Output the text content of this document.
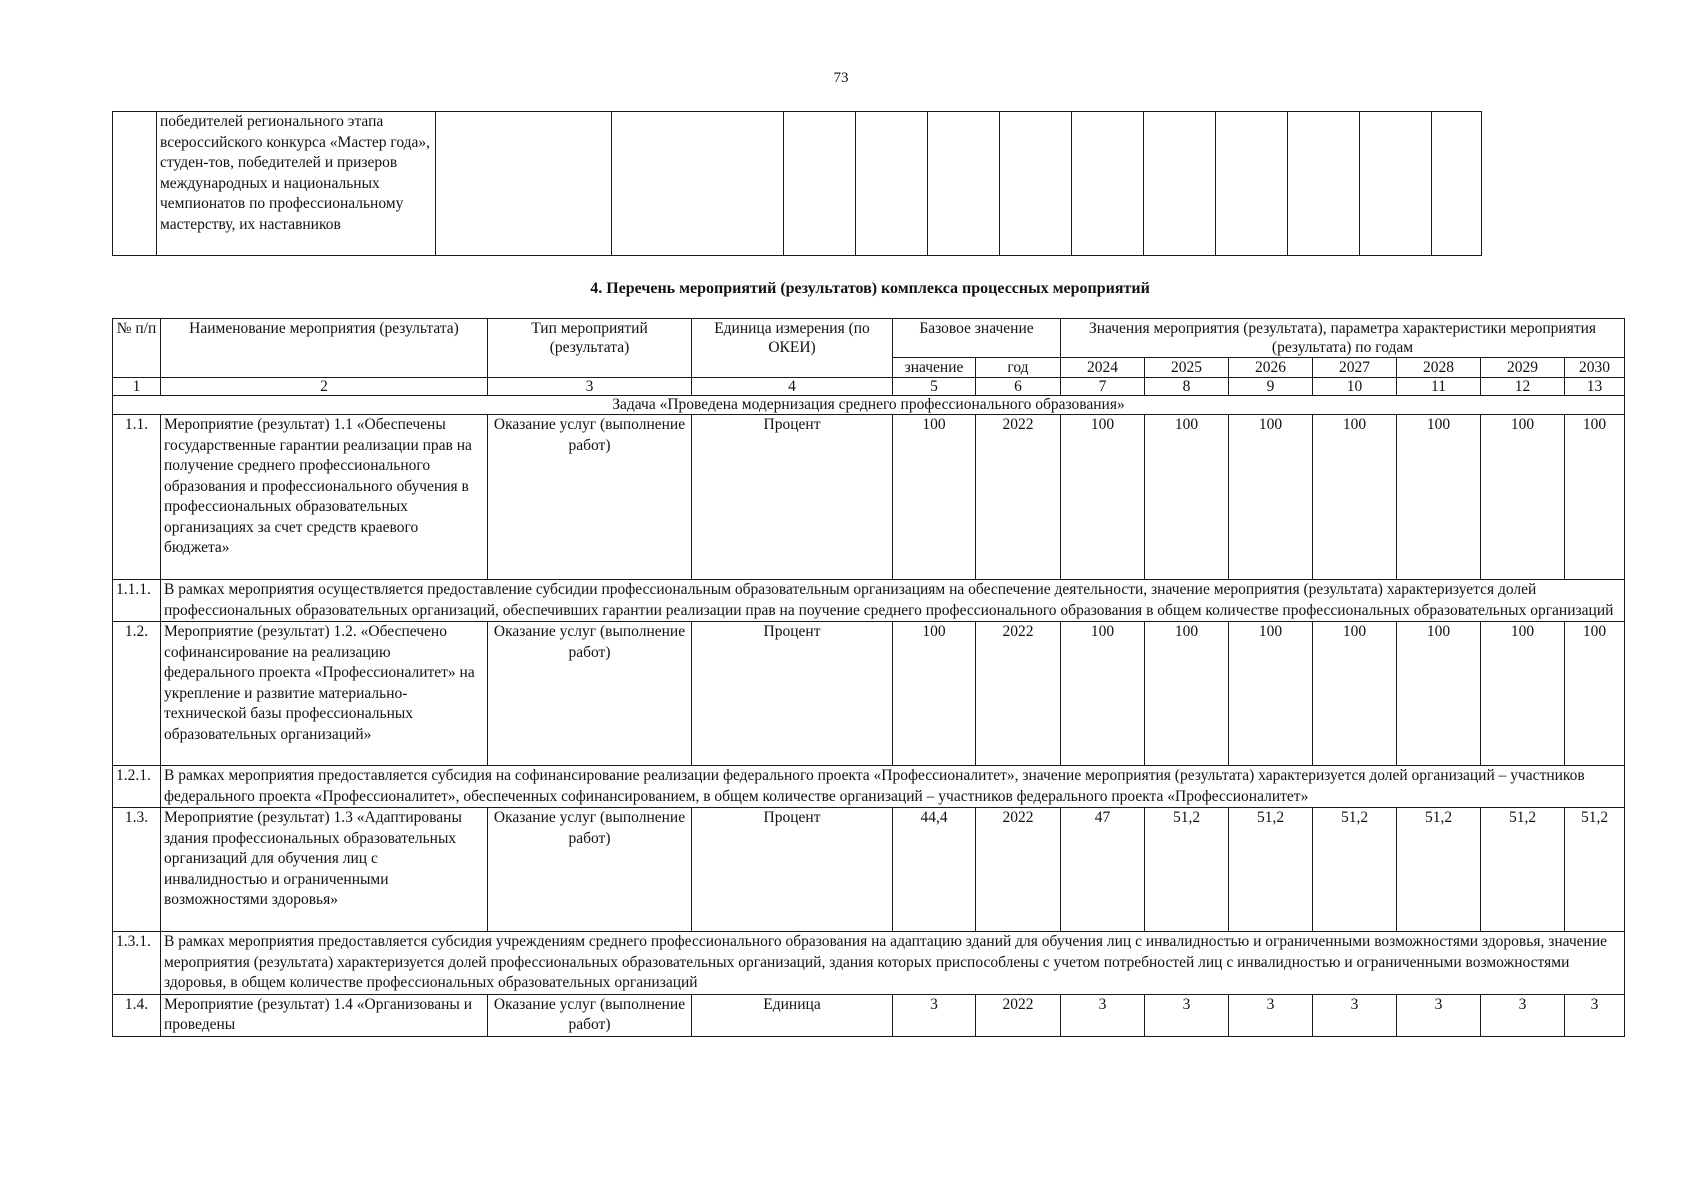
73
	победителей регионального этапа всероссийского конкурса «Мастер года», студен-тов, победителей и призеров международных и национальных чемпионатов по профессиональному мастерству, их наставников												
4. Перечень мероприятий (результатов) комплекса процессных мероприятий
№ п/п	Наименование мероприятия (результата)	Тип мероприятий (результата)	Единица измерения (по ОКЕИ)	Базовое значение		Значения мероприятия (результата), параметра характеристики мероприятия (результата) по годам						
				значение	год	2024	2025	2026	2027	2028	2029	2030
1	2	3	4	5	6	7	8	9	10	11	12	13
Задача «Проведена модернизация среднего профессионального образования»												
1.1.	Мероприятие (результат) 1.1 «Обеспечены государственные гарантии реализации прав на получение среднего профессионального образования и профессионального обучения в профессиональных образовательных организациях за счет средств краевого бюджета»	Оказание услуг (выполнение работ)	Процент	100	2022	100	100	100	100	100	100	100
1.1.1.	В рамках мероприятия осуществляется предоставление субсидии профессиональным образовательным организациям на обеспечение деятельности, значение мероприятия (результата) характеризуется долей профессиональных образовательных организаций, обеспечивших гарантии реализации прав на поучение среднего профессионального образования в общем количестве профессиональных образовательных организаций											
1.2.	Мероприятие (результат) 1.2. «Обеспечено софинансирование на реализацию федерального проекта «Профессионалитет» на укрепление и развитие материально-технической базы профессиональных образовательных организаций»	Оказание услуг (выполнение работ)	Процент	100	2022	100	100	100	100	100	100	100
1.2.1.	В рамках мероприятия предоставляется субсидия на софинансирование реализации федерального проекта «Профессионалитет», значение мероприятия (результата) характеризуется долей организаций – участников федерального проекта «Профессионалитет», обеспеченных софинансированием, в общем количестве организаций – участников федерального проекта «Профессионалитет»											
1.3.	Мероприятие (результат) 1.3 «Адаптированы здания профессиональных образовательных организаций для обучения лиц с инвалидностью и ограниченными возможностями здоровья»	Оказание услуг (выполнение работ)	Процент	44,4	2022	47	51,2	51,2	51,2	51,2	51,2	51,2
1.3.1.	В рамках мероприятия предоставляется субсидия учреждениям среднего профессионального образования на адаптацию зданий для обучения лиц с инвалидностью и ограниченными возможностями здоровья, значение мероприятия (результата) характеризуется долей профессиональных образовательных организаций, здания которых приспособлены с учетом потребностей лиц с инвалидностью и ограниченными возможностями здоровья, в общем количестве профессиональных образовательных организаций											
1.4.	Мероприятие (результат) 1.4 «Организованы и проведены	Оказание услуг (выполнение работ)	Единица	3	2022	3	3	3	3	3	3	3
